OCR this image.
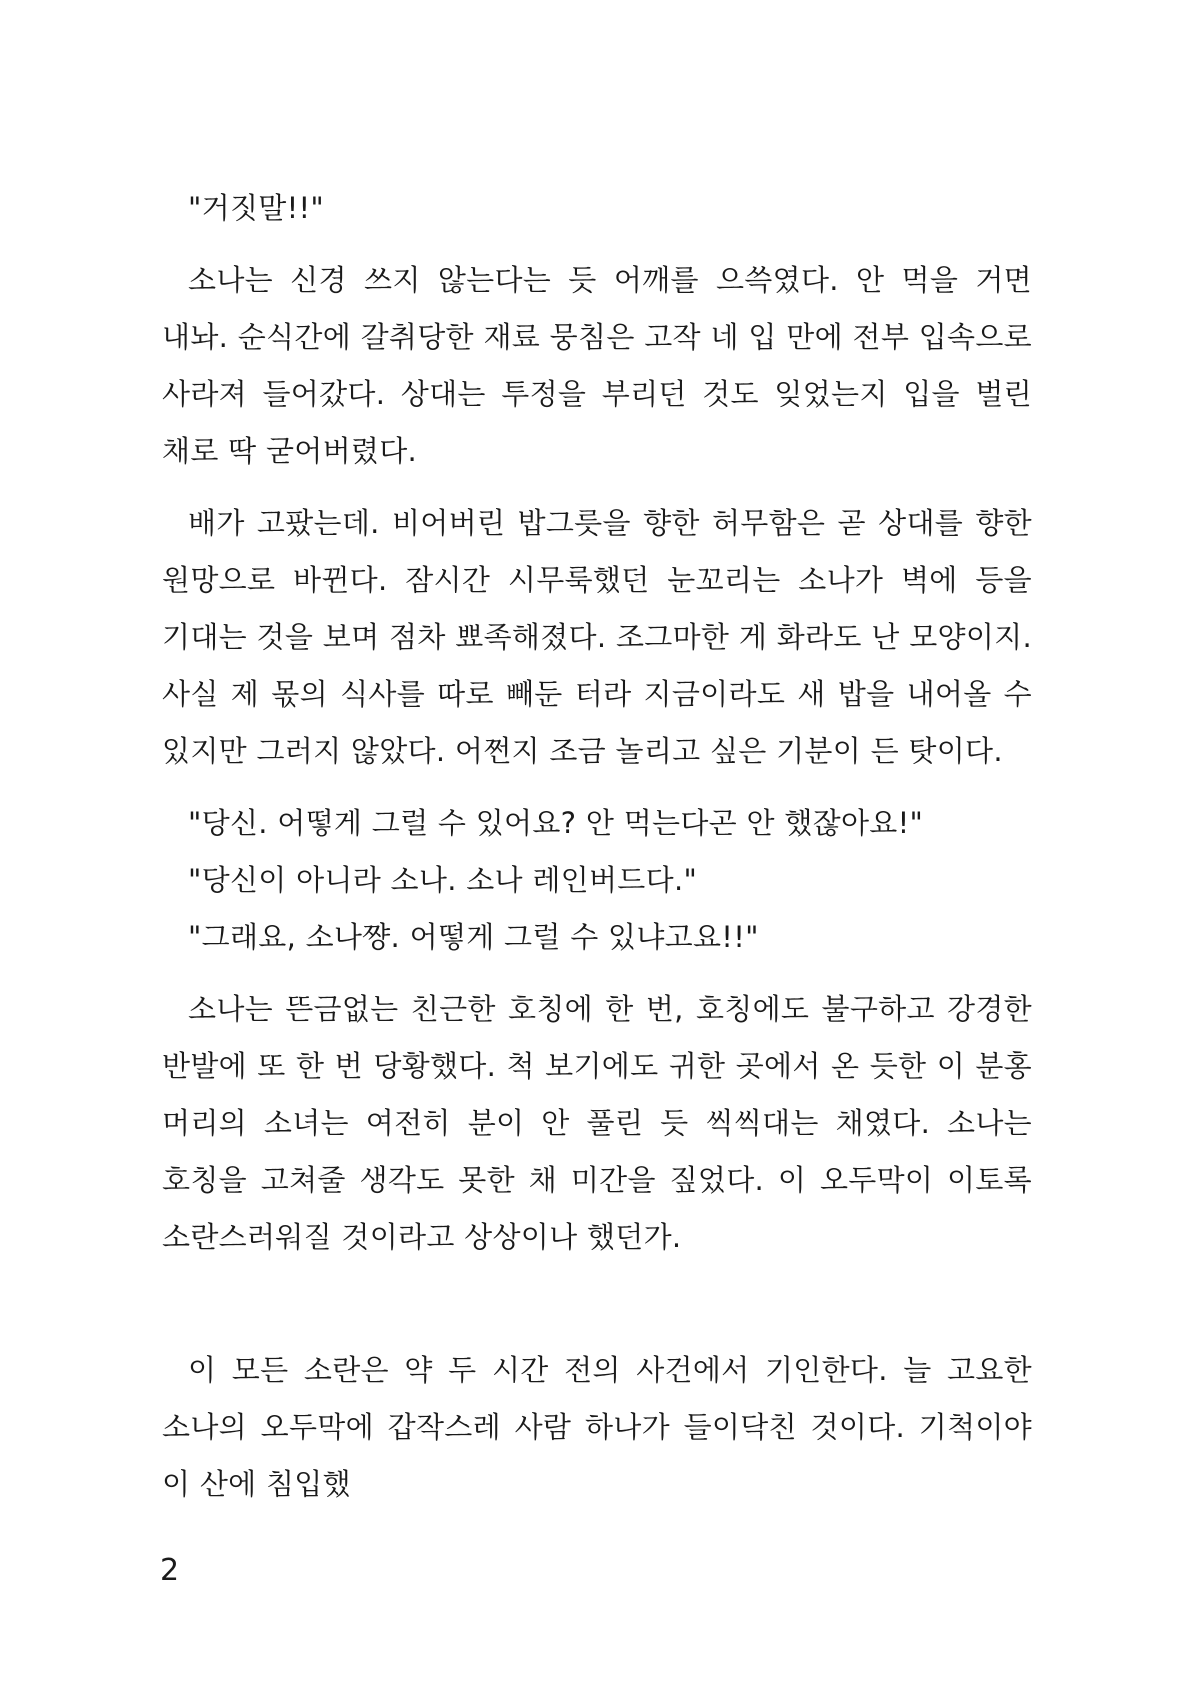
"거짓말!!"

소나는 신경 쓰지 않는다는 듯 어깨를 으쓱였다. 안 먹을 거면 내놔. 순식간에 갈취당한 재료 뭉침은 고작 네 입 만에 전부 입속으로 사라져 들어갔다. 상대는 투정을 부리던 것도 잊었는지 입을 벌린 채로 딱 굳어버렸다.

배가 고팠는데. 비어버린 밥그릇을 향한 허무함은 곧 상대를 향한 원망으로 바뀐다. 잠시간 시무룩했던 눈꼬리는 소나가 벽에 등을 기대는 것을 보며 점차 뾰족해졌다. 조그마한 게 화라도 난 모양이지. 사실 제 몫의 식사를 따로 빼둔 터라 지금이라도 새 밥을 내어올 수 있지만 그러지 않았다. 어쩐지 조금 놀리고 싶은 기분이 든 탓이다.

"당신. 어떻게 그럴 수 있어요? 안 먹는다곤 안 했잖아요!"

"당신이 아니라 소나. 소나 레인버드다."

"그래요, 소나쨩. 어떻게 그럴 수 있냐고요!!"

소나는 뜬금없는 친근한 호칭에 한 번, 호칭에도 불구하고 강경한 반발에 또 한 번 당황했다. 척 보기에도 귀한 곳에서 온 듯한 이 분홍 머리의 소녀는 여전히 분이 안 풀린 듯 씩씩대는 채였다. 소나는 호칭을 고쳐줄 생각도 못한 채 미간을 짚었다. 이 오두막이 이토록 소란스러워질 것이라고 상상이나 했던가.

이 모든 소란은 약 두 시간 전의 사건에서 기인한다. 늘 고요한 소나의 오두막에 갑작스레 사람 하나가 들이닥친 것이다. 기척이야 이 산에 침입했

2
